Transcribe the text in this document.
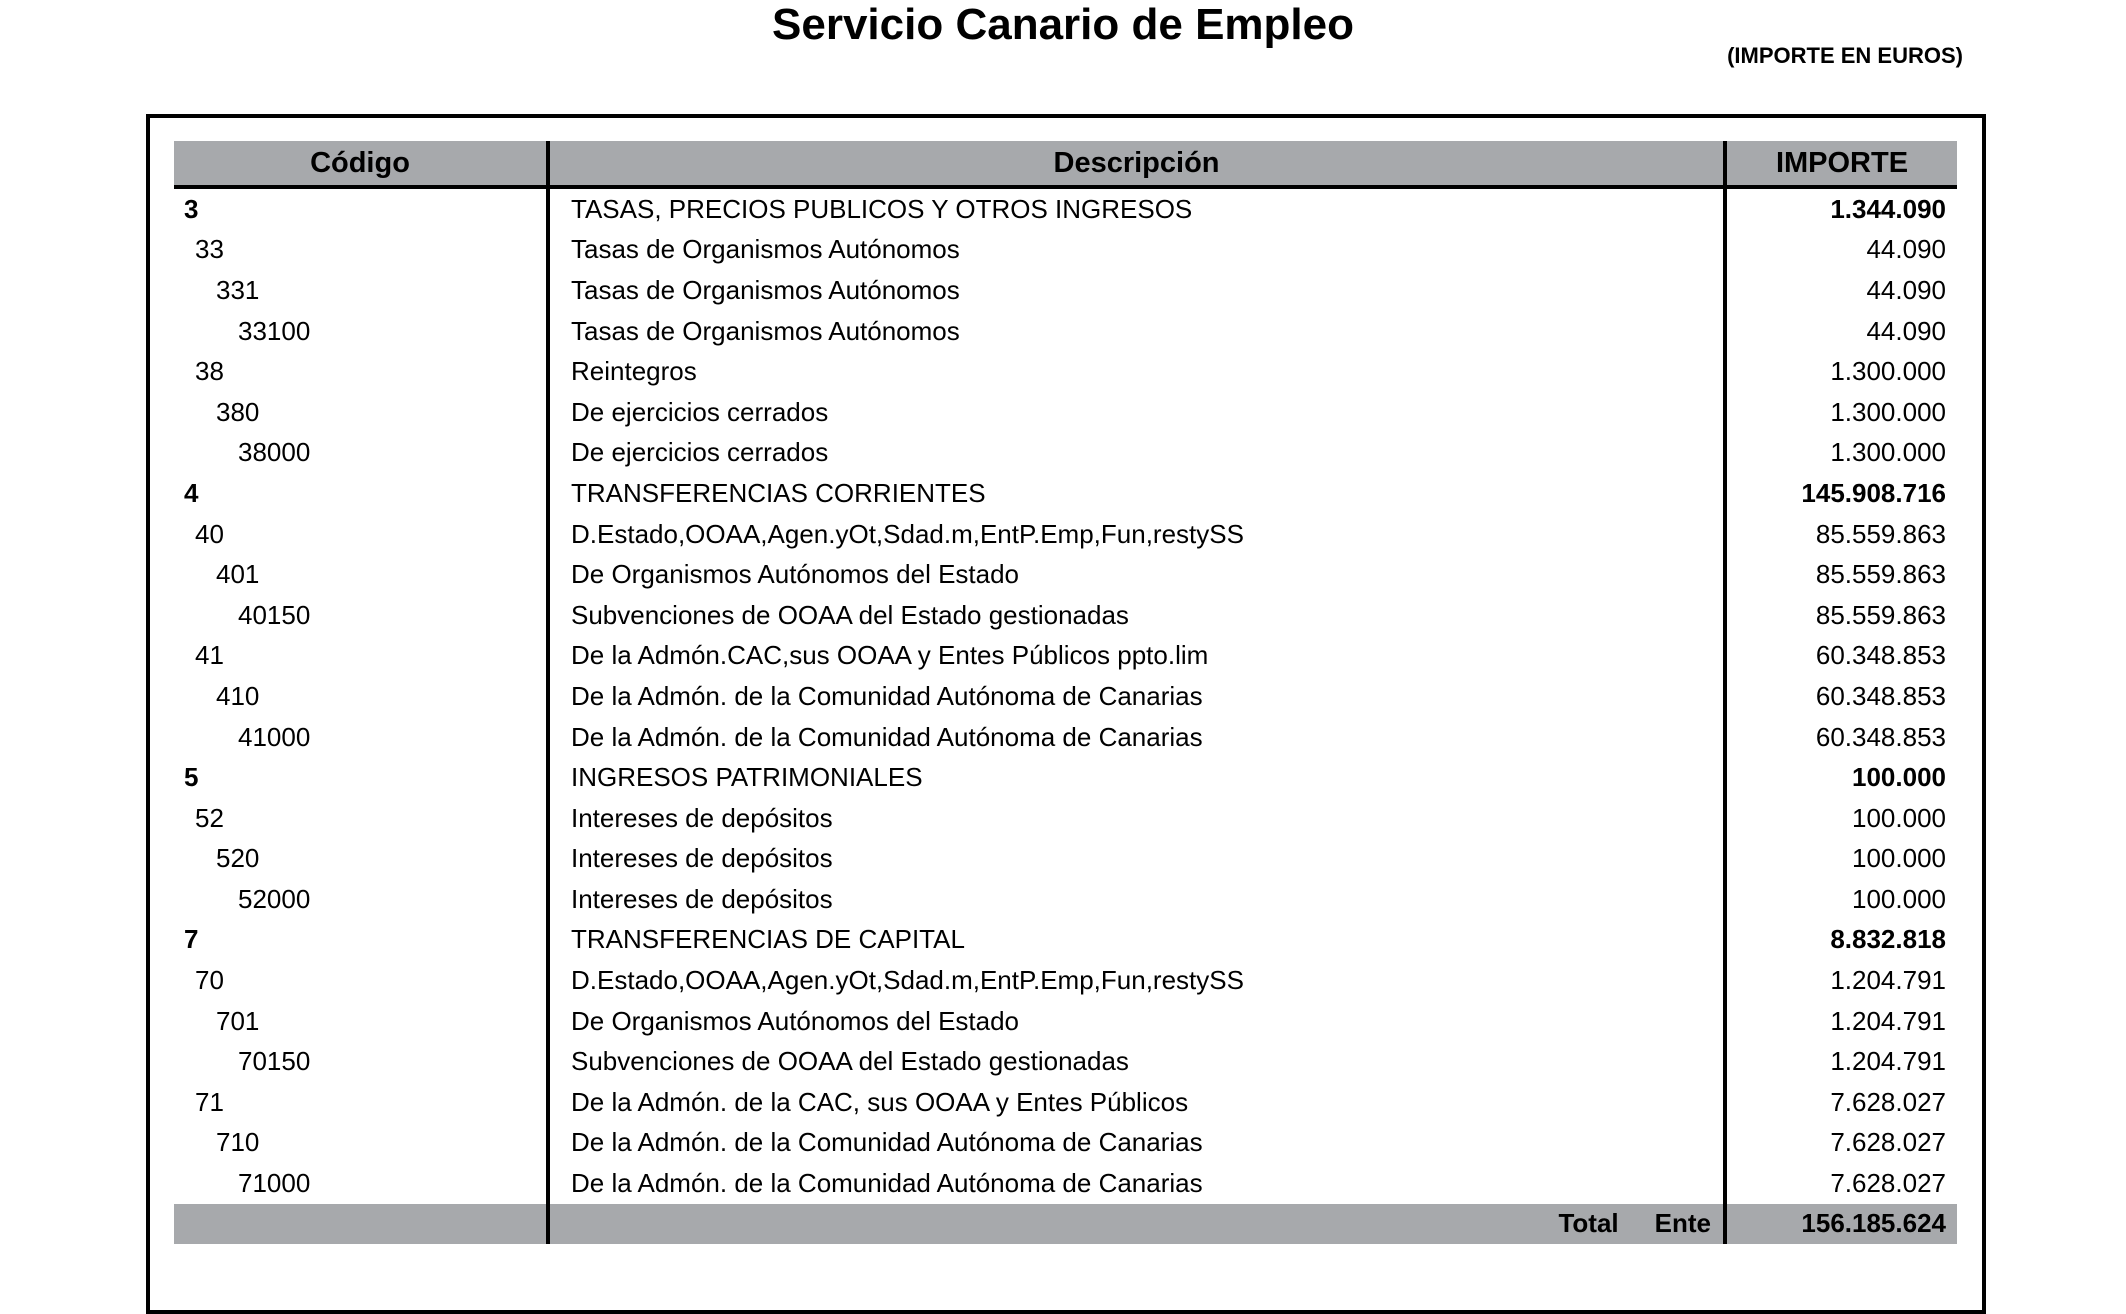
Servicio Canario de Empleo
(IMPORTE EN EUROS)
Código	Descripción	IMPORTE
3	TASAS, PRECIOS PUBLICOS Y OTROS INGRESOS	1.344.090
33	Tasas de Organismos Autónomos	44.090
331	Tasas de Organismos Autónomos	44.090
33100	Tasas de Organismos Autónomos	44.090
38	Reintegros	1.300.000
380	De ejercicios cerrados	1.300.000
38000	De ejercicios cerrados	1.300.000
4	TRANSFERENCIAS CORRIENTES	145.908.716
40	D.Estado,OOAA,Agen.yOt,Sdad.m,EntP.Emp,Fun,restySS	85.559.863
401	De Organismos Autónomos del Estado	85.559.863
40150	Subvenciones de OOAA del Estado gestionadas	85.559.863
41	De la Admón.CAC,sus OOAA y Entes Públicos ppto.lim	60.348.853
410	De la Admón. de la Comunidad Autónoma de Canarias	60.348.853
41000	De la Admón. de la Comunidad Autónoma de Canarias	60.348.853
5	INGRESOS PATRIMONIALES	100.000
52	Intereses de depósitos	100.000
520	Intereses de depósitos	100.000
52000	Intereses de depósitos	100.000
7	TRANSFERENCIAS DE CAPITAL	8.832.818
70	D.Estado,OOAA,Agen.yOt,Sdad.m,EntP.Emp,Fun,restySS	1.204.791
701	De Organismos Autónomos del Estado	1.204.791
70150	Subvenciones de OOAA del Estado gestionadas	1.204.791
71	De la Admón. de la CAC, sus OOAA y Entes Públicos	7.628.027
710	De la Admón. de la Comunidad Autónoma de Canarias	7.628.027
71000	De la Admón. de la Comunidad Autónoma de Canarias	7.628.027
	Total Ente	156.185.624
